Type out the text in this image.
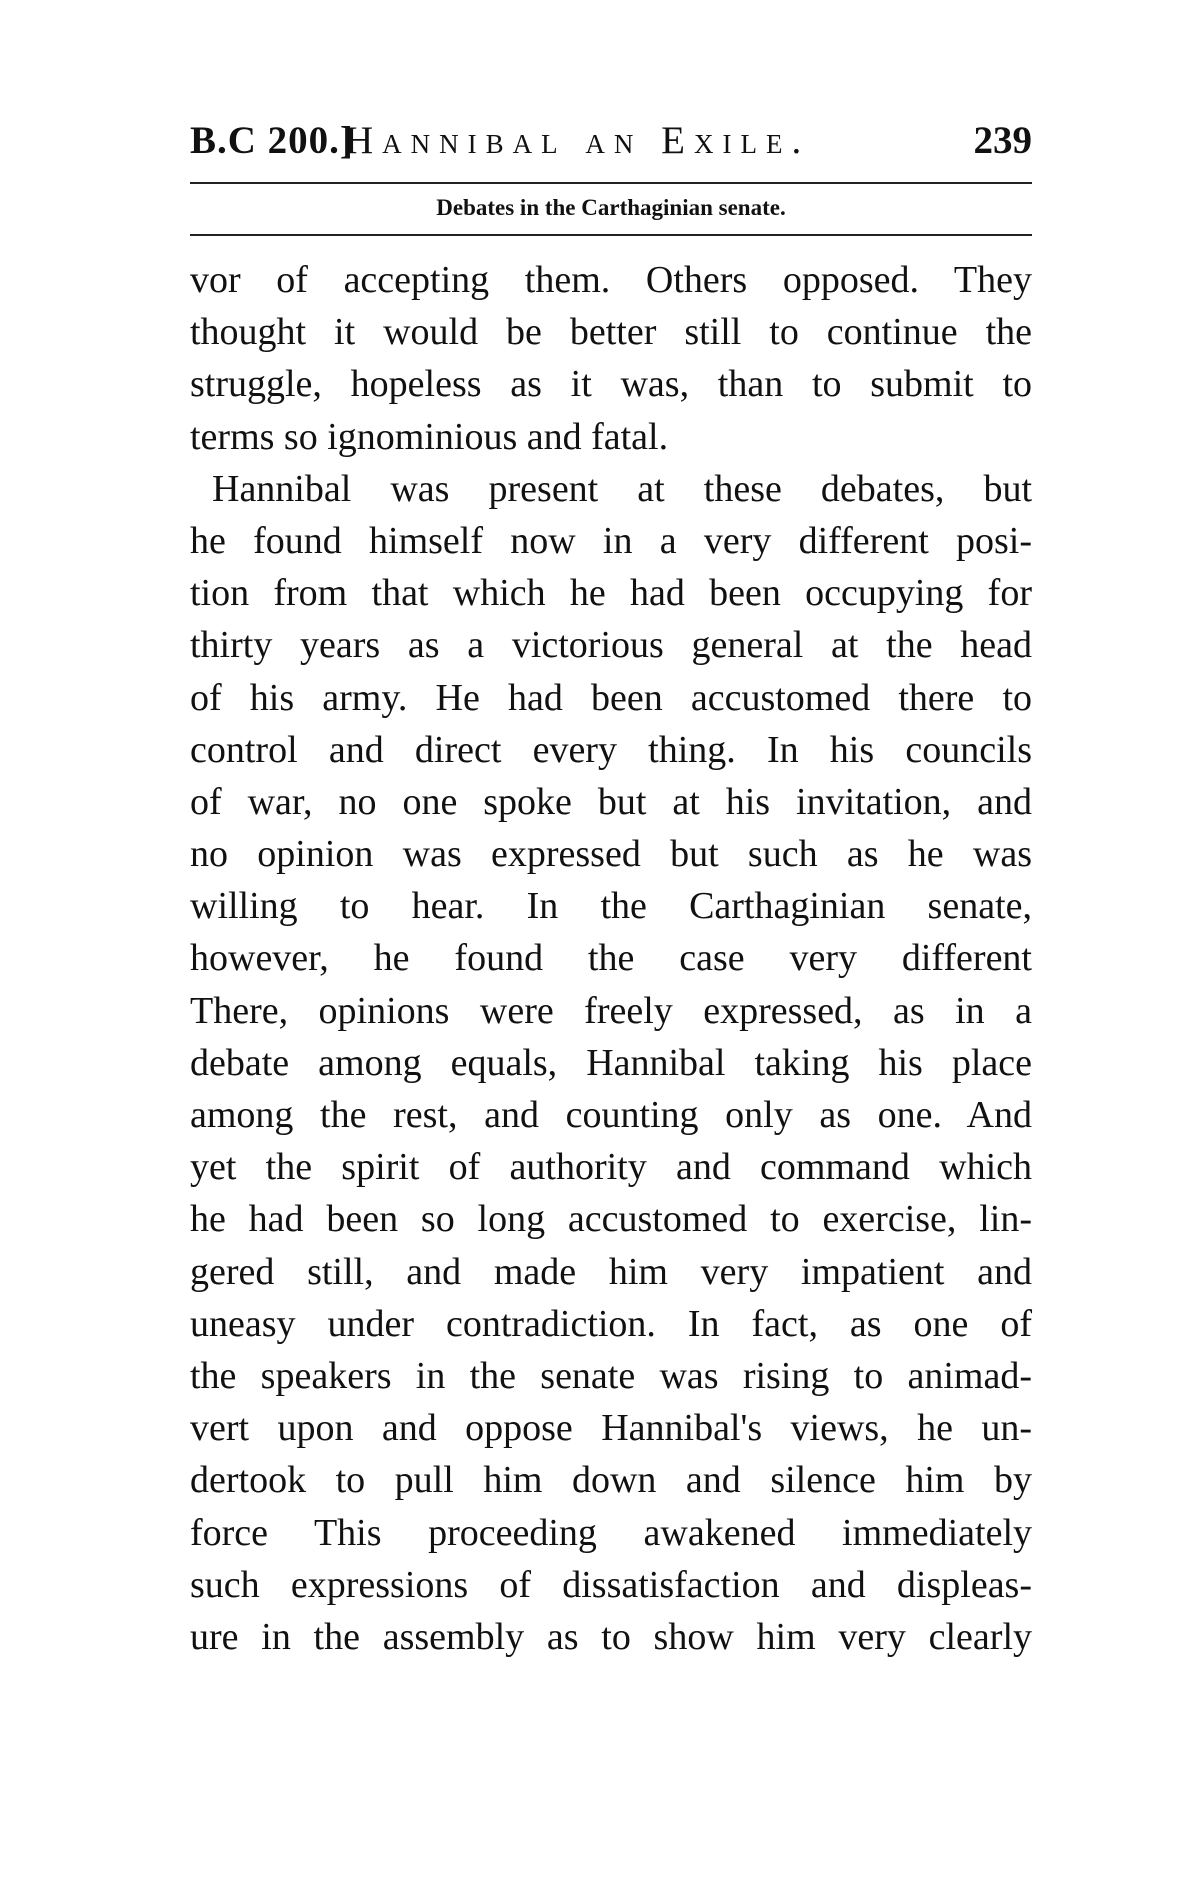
B.C 200.]
Hannibal an Exile.	239
Debates in the Carthaginian senate.
vor of accepting them. Others opposed. They
thought it would be better still to continue the
struggle, hopeless as it was, than to submit to
terms so ignominious and fatal.
Hannibal was present at these debates, but
he found himself now in a very different posi-
tion from that which he had been occupying for
thirty years as a victorious general at the head
of his army. He had been accustomed there to
control and direct every thing. In his councils
of war, no one spoke but at his invitation, and
no opinion was expressed but such as he was
willing to hear. In the Carthaginian senate,
however, he found the case very different
There, opinions were freely expressed, as in a
debate among equals, Hannibal taking his place
among the rest, and counting only as one. And
yet the spirit of authority and command which
he had been so long accustomed to exercise, lin-
gered still, and made him very impatient and
uneasy under contradiction. In fact, as one of
the speakers in the senate was rising to animad-
vert upon and oppose Hannibal's views, he un-
dertook to pull him down and silence him by
force This proceeding awakened immediately
such expressions of dissatisfaction and displeas-
ure in the assembly as to show him very clearly
